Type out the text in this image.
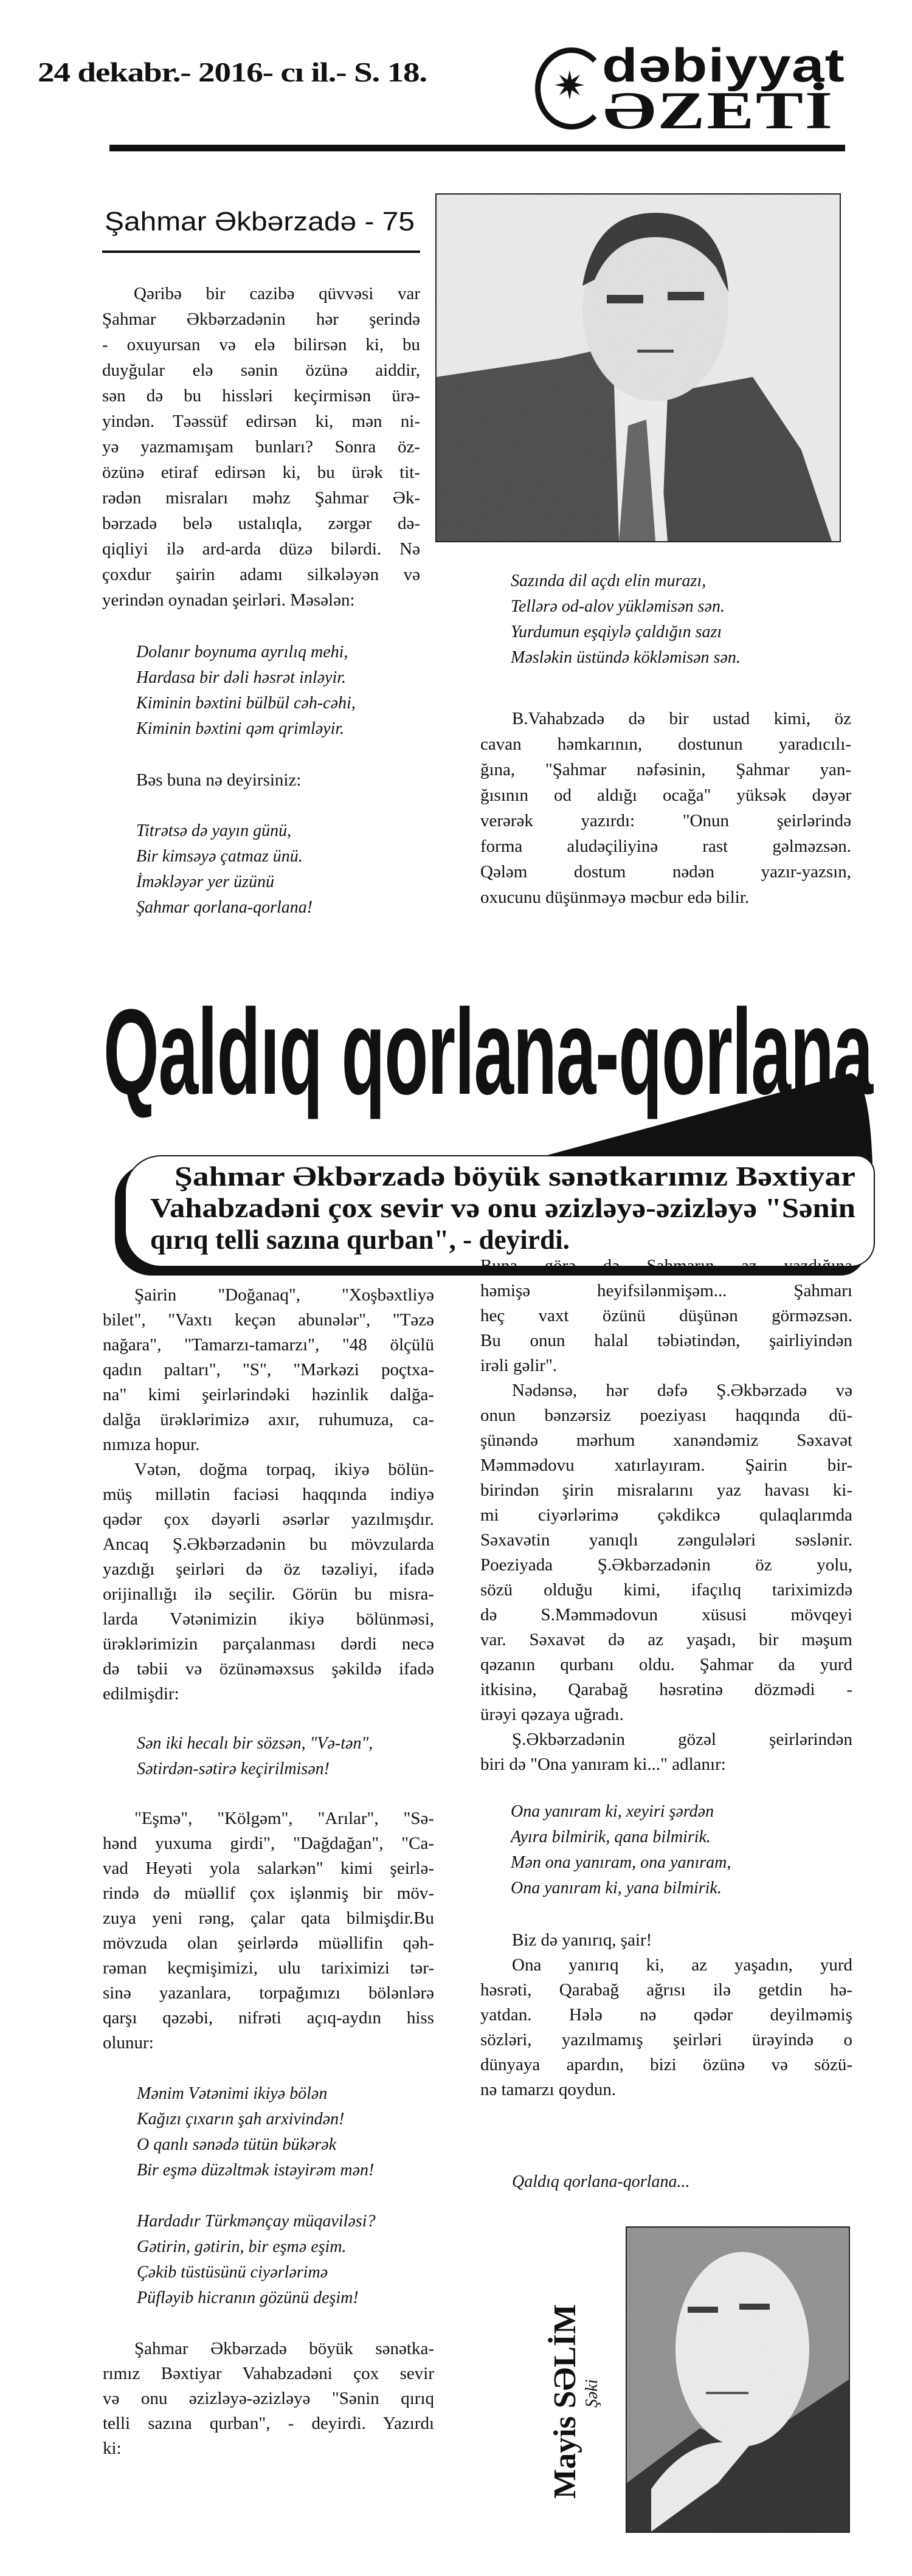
24 dekabr.- 2016- cı il.- S. 18.	✷ dəbiyyat
ƏZETİ
Şahmar Əkbərzadə - 75
Qəribə bir cazibə qüvvəsi var
Şahmar Əkbərzadənin hər şerində
- oxuyursan və elə bilirsən ki, bu
duyğular elə sənin özünə aiddir,
sən də bu hissləri keçirmisən ürə-
yindən. Təəssüf edirsən ki, mən ni-
yə yazmamışam bunları? Sonra öz-
özünə etiraf edirsən ki, bu ürək tit-
rədən misraları məhz Şahmar Ək-
bərzadə belə ustalıqla, zərgər də-
qiqliyi ilə ard-arda düzə bilərdi. Nə
çoxdur şairin adamı silkələyən və
yerindən oynadan şeirləri. Məsələn:
Dolanır boynuma ayrılıq mehi,
Hardasa bir dəli həsrət inləyir.
Kiminin bəxtini bülbül cəh-cəhi,
Kiminin bəxtini qəm qrimləyir.
Bəs buna nə deyirsiniz:
Titrətsə də yayın günü,
Bir kimsəyə çatmaz ünü.
İməkləyər yer üzünü
Şahmar qorlana-qorlana!
Sazında dil açdı elin murazı,
Tellərə od-alov yükləmisən sən.
Yurdumun eşqiylə çaldığın sazı
Məsləkin üstündə kökləmisən sən.
B.Vahabzadə də bir ustad kimi, öz
cavan həmkarının, dostunun yaradıcılı-
ğına, "Şahmar nəfəsinin, Şahmar yan-
ğısının od aldığı ocağa" yüksək dəyər
verərək yazırdı: "Onun şeirlərində
forma aludəçiliyinə rast gəlməzsən.
Qələm dostum nədən yazır-yazsın,
oxucunu düşünməyə məcbur edə bilir.
Qaldıq qorlana-qorlana
Şahmar Əkbərzadə böyük sənətkarımız Bəxtiyar
Vahabzadəni çox sevir və onu əzizləyə-əzizləyə "Sənin
qırıq telli sazına qurban", - deyirdi.
Şairin "Doğanaq", "Xoşbəxtliyə
bilet", "Vaxtı keçən abunələr", "Təzə
nağara", "Tamarzı-tamarzı", "48 ölçülü
qadın paltarı", "S", "Mərkəzi poçtxa-
na" kimi şeirlərindəki həzinlik dalğa-
dalğa ürəklərimizə axır, ruhumuza, ca-
nımıza hopur.
Vətən, doğma torpaq, ikiyə bölün-
müş millətin faciəsi haqqında indiyə
qədər çox dəyərli əsərlər yazılmışdır.
Ancaq Ş.Əkbərzadənin bu mövzularda
yazdığı şeirləri də öz təzəliyi, ifadə
orijinallığı ilə seçilir. Görün bu misra-
larda Vətənimizin ikiyə bölünməsi,
ürəklərimizin parçalanması dərdi necə
də təbii və özünəməxsus şəkildə ifadə
edilmişdir:
Sən iki hecalı bir sözsən, "Və-tən",
Sətirdən-sətirə keçirilmisən!
"Eşmə", "Kölgəm", "Arılar", "Sə-
hənd yuxuma girdi", "Dağdağan", "Ca-
vad Heyəti yola salarkən" kimi şeirlə-
rində də müəllif çox işlənmiş bir möv-
zuya yeni rəng, çalar qata bilmişdir.Bu
mövzuda olan şeirlərdə müəllifin qəh-
rəman keçmişimizi, ulu tariximizi tər-
sinə yazanlara, torpağımızı bölənlərə
qarşı qəzəbi, nifrəti açıq-aydın hiss
olunur:
Mənim Vətənimi ikiyə bölən
Kağızı çıxarın şah arxivindən!
O qanlı sənədə tütün bükərək
Bir eşmə düzəltmək istəyirəm mən!
Hardadır Türkmənçay müqaviləsi?
Gətirin, gətirin, bir eşmə eşim.
Çəkib tüstüsünü ciyərlərimə
Püfləyib hicranın gözünü deşim!
Şahmar Əkbərzadə böyük sənətka-
rımız Bəxtiyar Vahabzadəni çox sevir
və onu əzizləyə-əzizləyə "Sənin qırıq
telli sazına qurban", - deyirdi. Yazırdı
ki:
Buna görə də Şahmarın az yazdığına
həmişə heyifsilənmişəm... Şahmarı
heç vaxt özünü düşünən görməzsən.
Bu onun halal təbiətindən, şairliyindən
irəli gəlir".
Nədənsə, hər dəfə Ş.Əkbərzadə və
onun bənzərsiz poeziyası haqqında dü-
şünəndə mərhum xanəndəmiz Səxavət
Məmmədovu xatırlayıram. Şairin bir-
birindən şirin misralarını yaz havası ki-
mi ciyərlərimə çəkdikcə qulaqlarımda
Səxavətin yanıqlı zəngulələri səslənir.
Poeziyada Ş.Əkbərzadənin öz yolu,
sözü olduğu kimi, ifaçılıq tariximizdə
də S.Məmmədovun xüsusi mövqeyi
var. Səxavət də az yaşadı, bir məşum
qəzanın qurbanı oldu. Şahmar da yurd
itkisinə, Qarabağ həsrətinə dözmədi -
ürəyi qəzaya uğradı.
Ş.Əkbərzadənin gözəl şeirlərindən
biri də "Ona yanıram ki..." adlanır:
Ona yanıram ki, xeyiri şərdən
Ayıra bilmirik, qana bilmirik.
Mən ona yanıram, ona yanıram,
Ona yanıram ki, yana bilmirik.
Biz də yanırıq, şair!
Ona yanırıq ki, az yaşadın, yurd
həsrəti, Qarabağ ağrısı ilə getdin hə-
yatdan. Hələ nə qədər deyilməmiş
sözləri, yazılmamış şeirləri ürəyində o
dünyaya apardın, bizi özünə və sözü-
nə tamarzı qoydun.
Qaldıq qorlana-qorlana...
Mayis SƏLİM Şəki
